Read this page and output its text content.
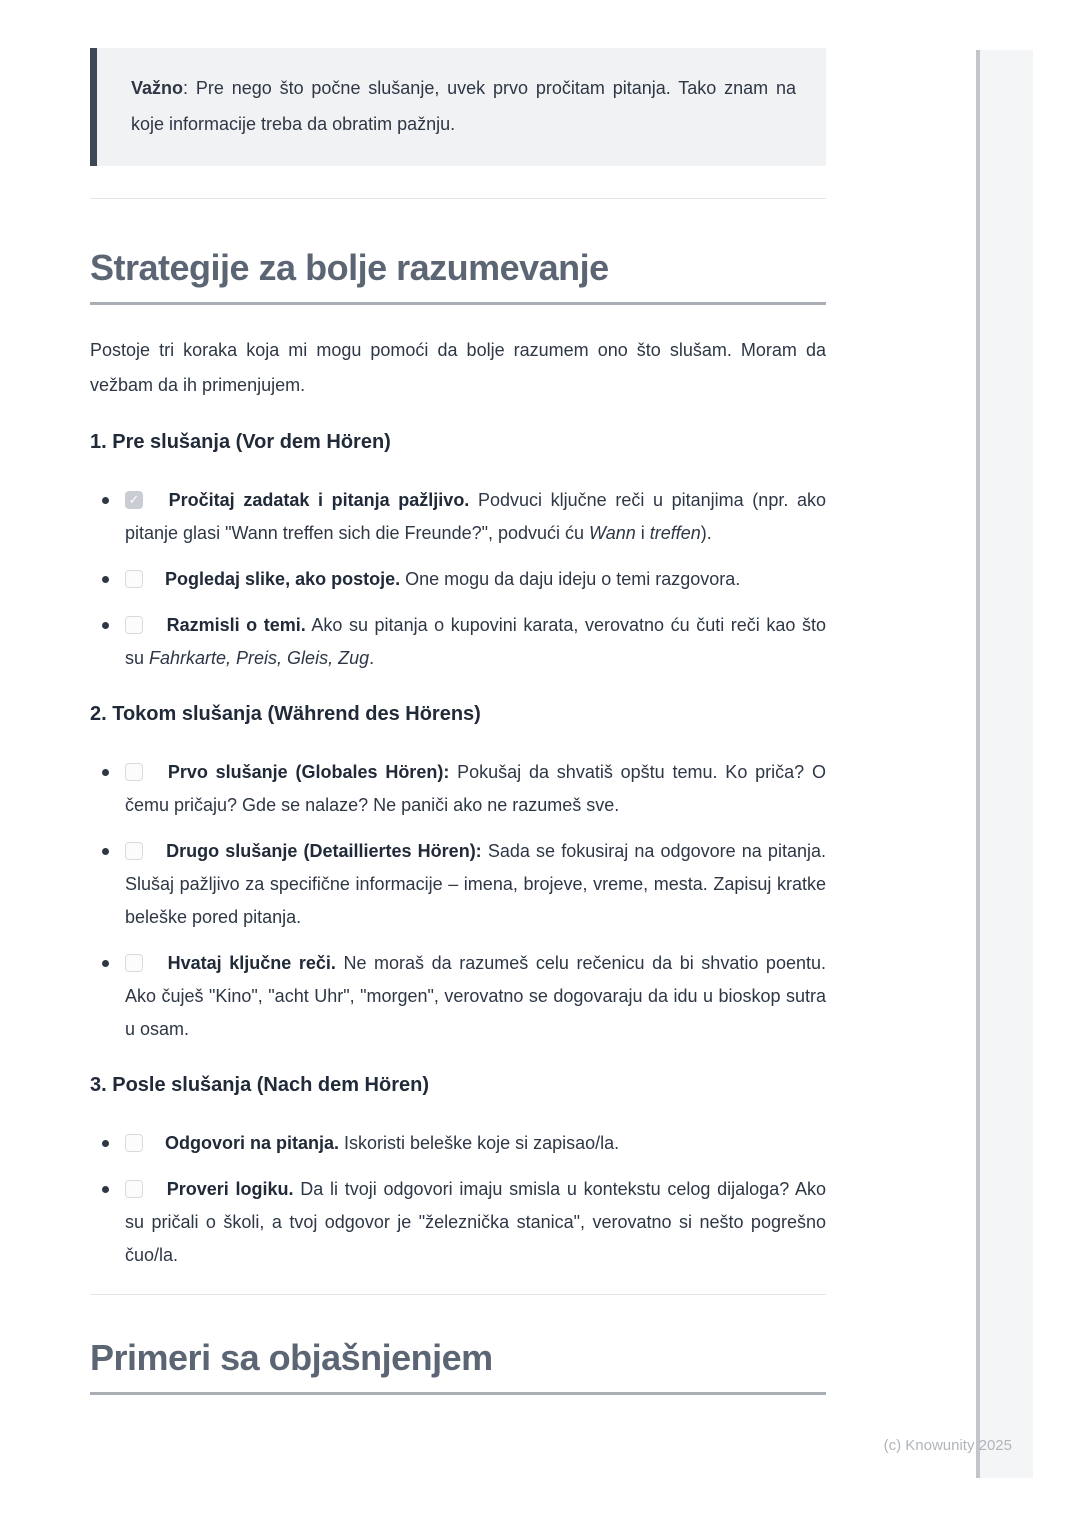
Važno: Pre nego što počne slušanje, uvek prvo pročitam pitanja. Tako znam na koje informacije treba da obratim pažnju.
Strategije za bolje razumevanje

Postoje tri koraka koja mi mogu pomoći da bolje razumem ono što slušam. Moram da vežbam da ih primenjujem.

1. Pre slušanja (Vor dem Hören)
✓ Pročitaj zadatak i pitanja pažljivo. Podvuci ključne reči u pitanjima (npr. ako pitanje glasi "Wann treffen sich die Freunde?", podvući ću Wann i treffen).
Pogledaj slike, ako postoje. One mogu da daju ideju o temi razgovora.
Razmisli o temi. Ako su pitanja o kupovini karata, verovatno ću čuti reči kao što su Fahrkarte, Preis, Gleis, Zug.
2. Tokom slušanja (Während des Hörens)
Prvo slušanje (Globales Hören): Pokušaj da shvatiš opštu temu. Ko priča? O čemu pričaju? Gde se nalaze? Ne paniči ako ne razumeš sve.
Drugo slušanje (Detailliertes Hören): Sada se fokusiraj na odgovore na pitanja. Slušaj pažljivo za specifične informacije – imena, brojeve, vreme, mesta. Zapisuj kratke beleške pored pitanja.
Hvataj ključne reči. Ne moraš da razumeš celu rečenicu da bi shvatio poentu. Ako čuješ "Kino", "acht Uhr", "morgen", verovatno se dogovaraju da idu u bioskop sutra u osam.
3. Posle slušanja (Nach dem Hören)
Odgovori na pitanja. Iskoristi beleške koje si zapisao/la.
Proveri logiku. Da li tvoji odgovori imaju smisla u kontekstu celog dijaloga? Ako su pričali o školi, a tvoj odgovor je "železnička stanica", verovatno si nešto pogrešno čuo/la.
Primeri sa objašnjenjem
(c) Knowunity 2025
